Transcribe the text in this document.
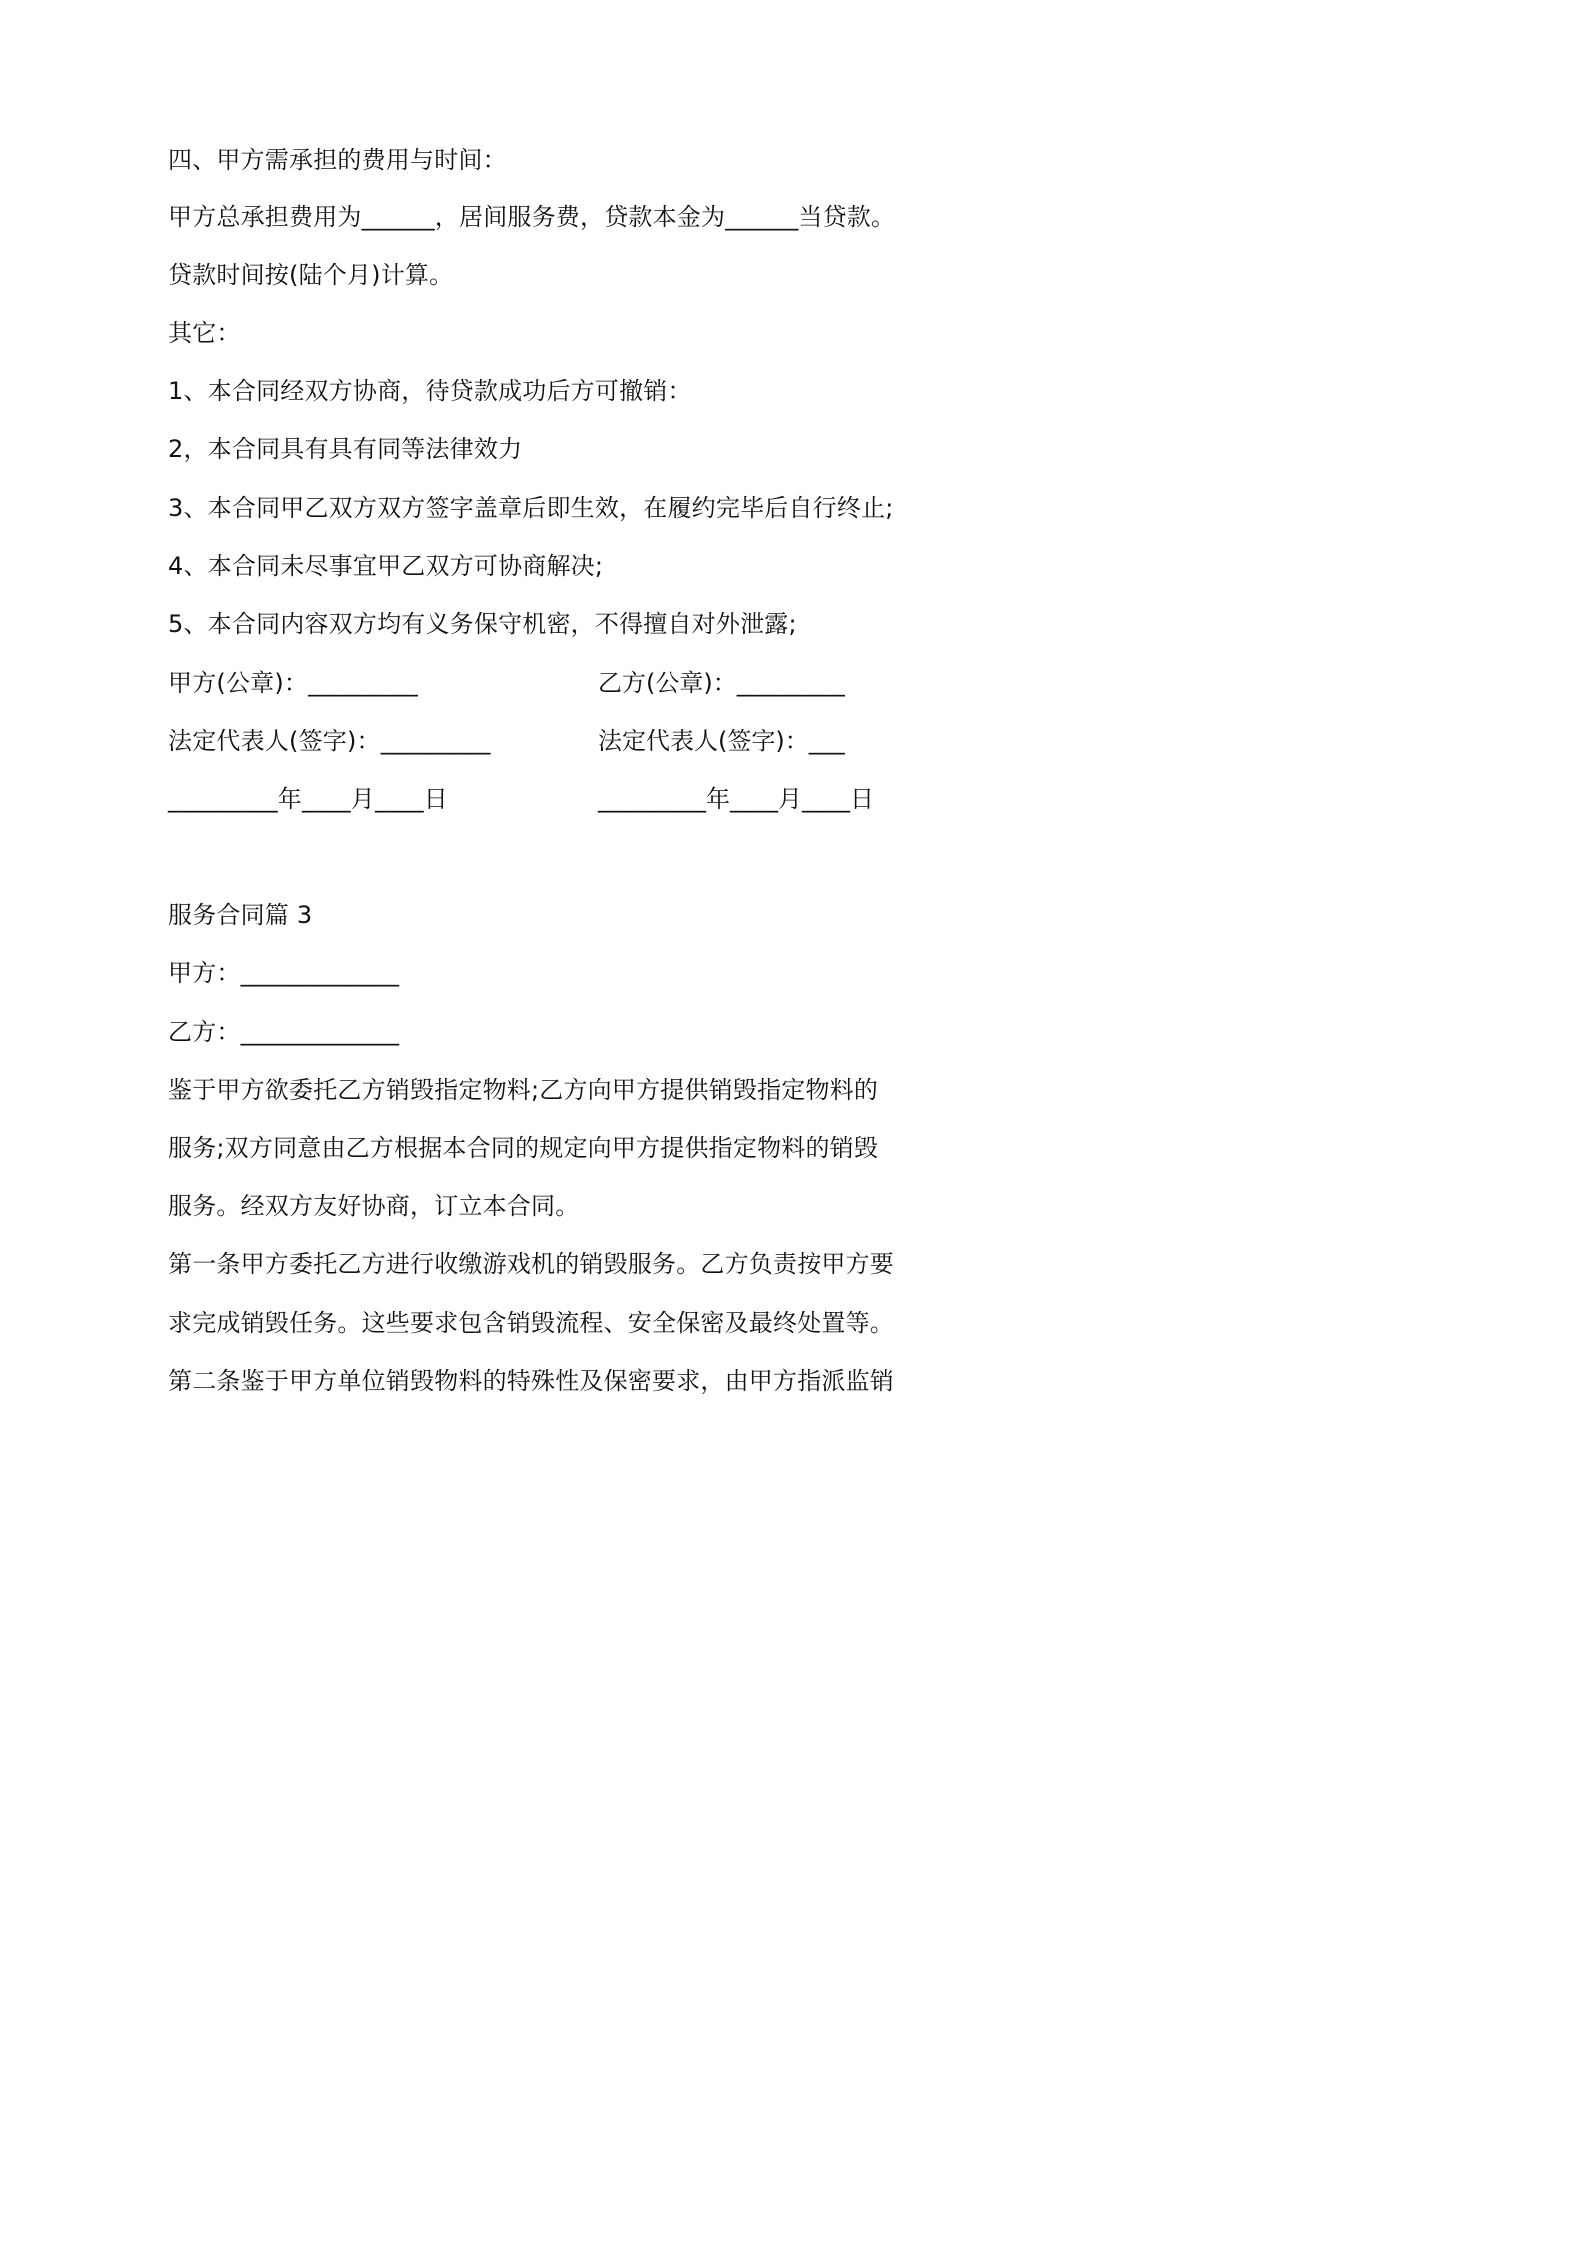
四、甲方需承担的费用与时间：
甲方总承担费用为______，居间服务费，贷款本金为______当贷款。
贷款时间按(陆个月)计算。
其它：
1、本合同经双方协商，待贷款成功后方可撤销：
2，本合同具有具有同等法律效力
3、本合同甲乙双方双方签字盖章后即生效，在履约完毕后自行终止;
4、本合同未尽事宜甲乙双方可协商解决;
5、本合同内容双方均有义务保守机密，不得擅自对外泄露;
甲方(公章)：_________	乙方(公章)：_________
法定代表人(签字)：_________	法定代表人(签字)：___
_________年____月____日	_________年____月____日
服务合同篇 3
甲方：_____________
乙方：_____________
鉴于甲方欲委托乙方销毁指定物料;乙方向甲方提供销毁指定物料的
服务;双方同意由乙方根据本合同的规定向甲方提供指定物料的销毁
服务。经双方友好协商，订立本合同。
第一条甲方委托乙方进行收缴游戏机的销毁服务。乙方负责按甲方要
求完成销毁任务。这些要求包含销毁流程、安全保密及最终处置等。
第二条鉴于甲方单位销毁物料的特殊性及保密要求，由甲方指派监销
